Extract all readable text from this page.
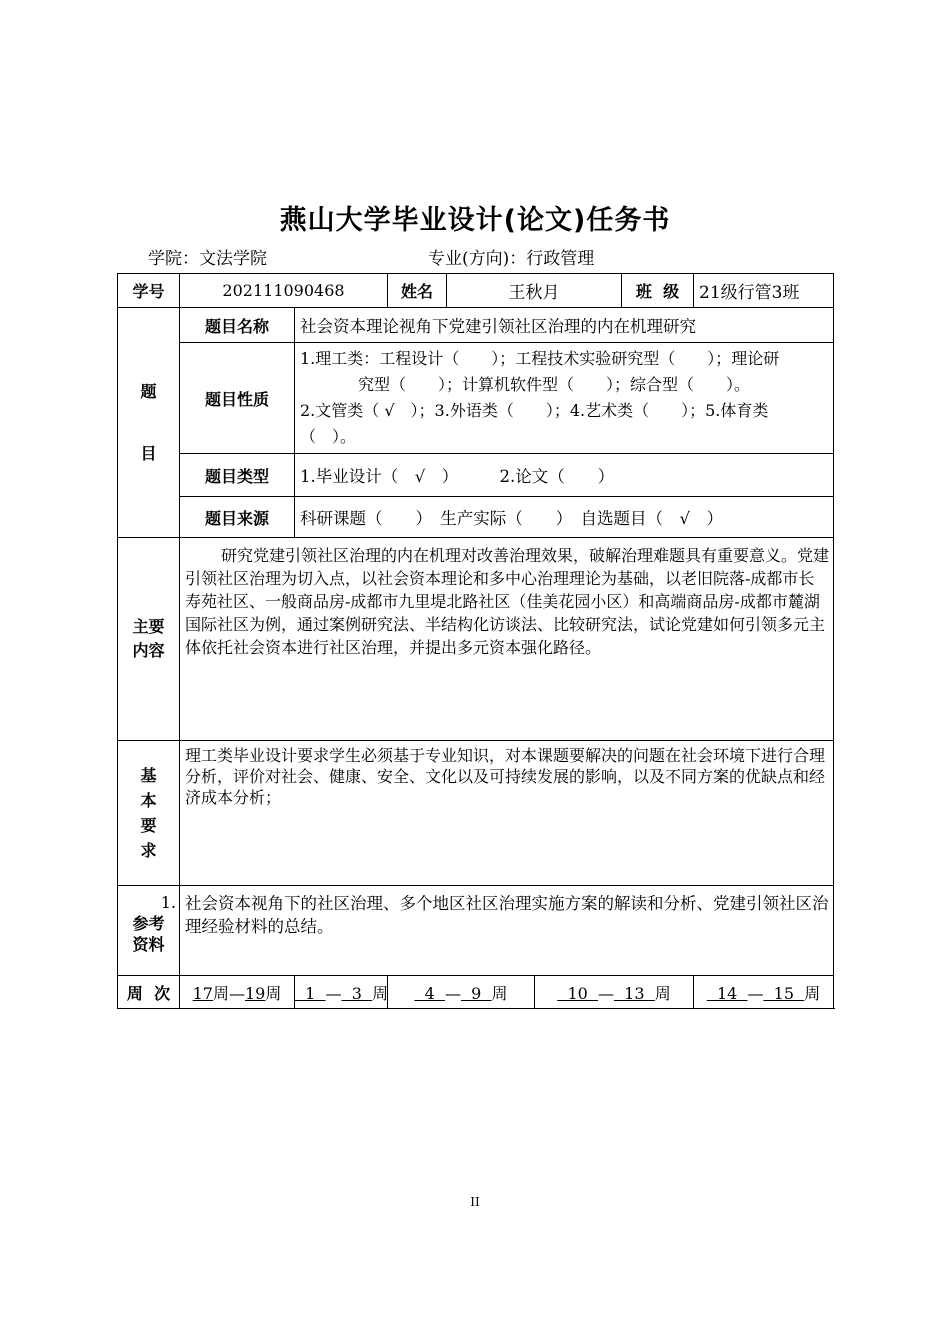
燕山大学毕业设计(论文)任务书
学院：文法学院	专业(方向)：行政管理
学号	202111090468		姓名	王秋月		班  级	21级行管3班

题
目	题目名称	社会资本理论视角下党建引领社区治理的内在机理研究					
	题目性质	1.理工类：工程设计（　　）；工程技术实验研究型（　　）；理论研
究型（　　）；计算机软件型（　　）；综合型（　　）。
2.文管类（ √　）；3.外语类（　　）；4.艺术类（　　）；5.体育类
（　）。					

	题目类型	1.毕业设计（　√　）　　　2.论文（　　）					
	题目来源	科研课题（　　）　生产实际（　　）　自选题目（　√　）					

主要
内容	研究党建引领社区治理的内在机理对改善治理效果，破解治理难题具有重要意义。党建引领社区治理为切入点，以社会资本理论和多中心治理理论为基础，以老旧院落-成都市长寿苑社区、一般商品房-成都市九里堤北路社区（佳美花园小区）和高端商品房-成都市麓湖国际社区为例，通过案例研究法、半结构化访谈法、比较研究法，试论党建如何引领多元主体依托社会资本进行社区治理，并提出多元资本强化路径。						

基
本
要
求	理工类毕业设计要求学生必须基于专业知识，对本课题要解决的问题在社会环境下进行合理分析，评价对社会、健康、安全、文化以及可持续发展的影响，以及不同方案的优缺点和经济成本分析；						

1.
参考
资料	社会资本视角下的社区治理、多个地区社区治理实施方案的解读和分析、党建引领社区治理经验材料的总结。						
周  次	17周—19周	1  —  3  周	4  —  9  周		10  —  13  周		14  —  15  周
II
